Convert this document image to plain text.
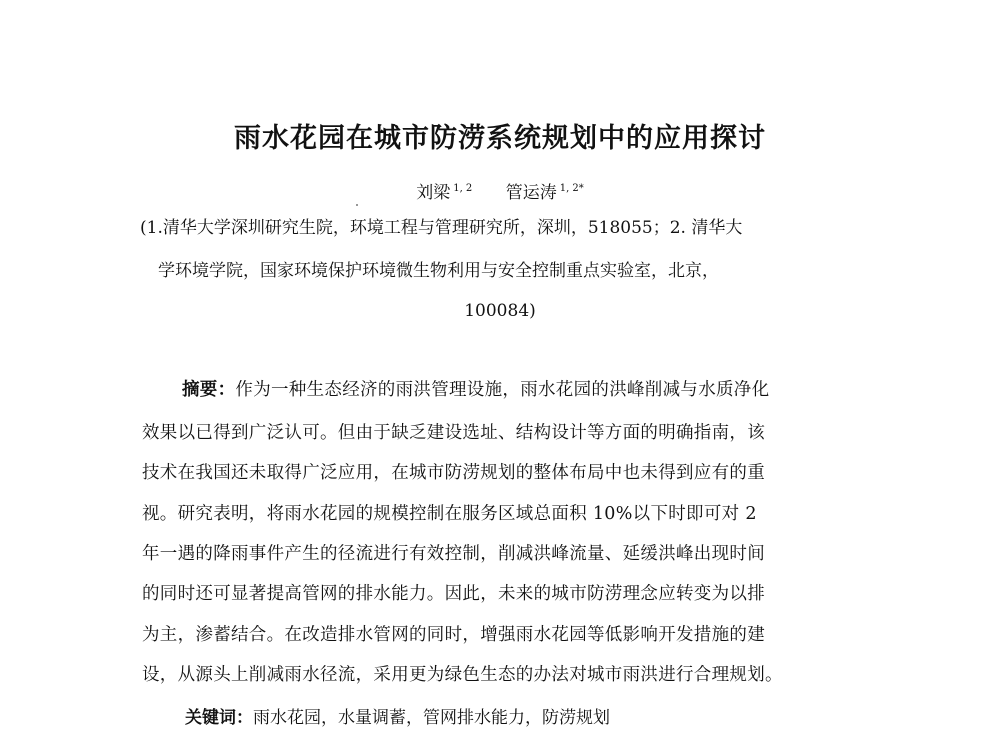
雨水花园在城市防涝系统规划中的应用探讨
刘梁 $^{1, 2}$ 管运涛 $^{1, 2*}$
(1.清华大学深圳研究生院，环境工程与管理研究所，深圳，518055；2. 清华大
学环境学院，国家环境保护环境微生物利用与安全控制重点实验室，北京，
100084)
摘要：作为一种生态经济的雨洪管理设施，雨水花园的洪峰削减与水质净化
效果以已得到广泛认可。但由于缺乏建设选址、结构设计等方面的明确指南，该
技术在我国还未取得广泛应用，在城市防涝规划的整体布局中也未得到应有的重
视。研究表明，将雨水花园的规模控制在服务区域总面积 10%以下时即可对 2
年一遇的降雨事件产生的径流进行有效控制，削减洪峰流量、延缓洪峰出现时间
的同时还可显著提高管网的排水能力。因此，未来的城市防涝理念应转变为以排
为主，渗蓄结合。在改造排水管网的同时，增强雨水花园等低影响开发措施的建
设，从源头上削减雨水径流，采用更为绿色生态的办法对城市雨洪进行合理规划。
关键词：雨水花园，水量调蓄，管网排水能力，防涝规划
